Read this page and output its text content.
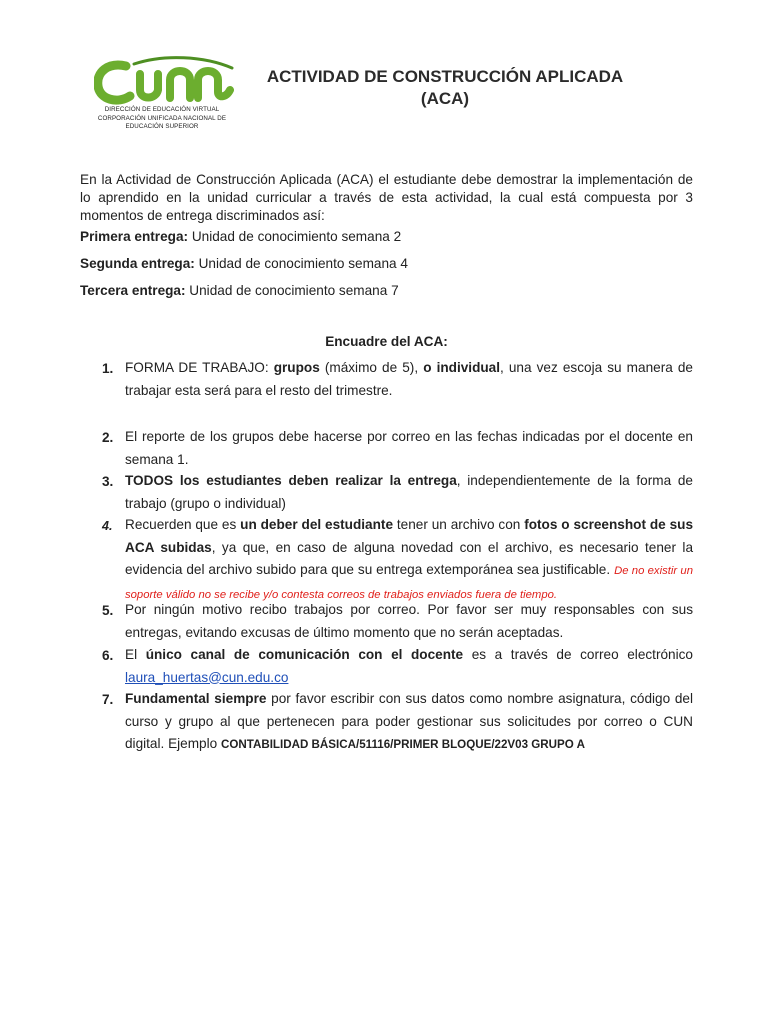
DIRECCIÓN DE EDUCACIÓN VIRTUAL
CORPORACIÓN UNIFICADA NACIONAL DE
EDUCACIÓN SUPERIOR
ACTIVIDAD DE CONSTRUCCIÓN APLICADA
(ACA)
En la Actividad de Construcción Aplicada (ACA) el estudiante debe demostrar la implementación de lo aprendido en la unidad curricular a través de esta actividad, la cual está compuesta por 3 momentos de entrega discriminados así:
Primera entrega: Unidad de conocimiento semana 2
Segunda entrega: Unidad de conocimiento semana 4
Tercera entrega: Unidad de conocimiento semana 7
Encuadre del ACA:
1. FORMA DE TRABAJO: grupos (máximo de 5), o individual, una vez escoja su manera de trabajar esta será para el resto del trimestre.
2. El reporte de los grupos debe hacerse por correo en las fechas indicadas por el docente en semana 1.
3. TODOS los estudiantes deben realizar la entrega, independientemente de la forma de trabajo (grupo o individual)
4. Recuerden que es un deber del estudiante tener un archivo con fotos o screenshot de sus ACA subidas, ya que, en caso de alguna novedad con el archivo, es necesario tener la evidencia del archivo subido para que su entrega extemporánea sea justificable. De no existir un soporte válido no se recibe y/o contesta correos de trabajos enviados fuera de tiempo.
5. Por ningún motivo recibo trabajos por correo. Por favor ser muy responsables con sus entregas, evitando excusas de último momento que no serán aceptadas.
6. El único canal de comunicación con el docente es a través de correo electrónico laura_huertas@cun.edu.co
7. Fundamental siempre por favor escribir con sus datos como nombre asignatura, código del curso y grupo al que pertenecen para poder gestionar sus solicitudes por correo o CUN digital. Ejemplo CONTABILIDAD BÁSICA/51116/PRIMER BLOQUE/22V03 GRUPO A
